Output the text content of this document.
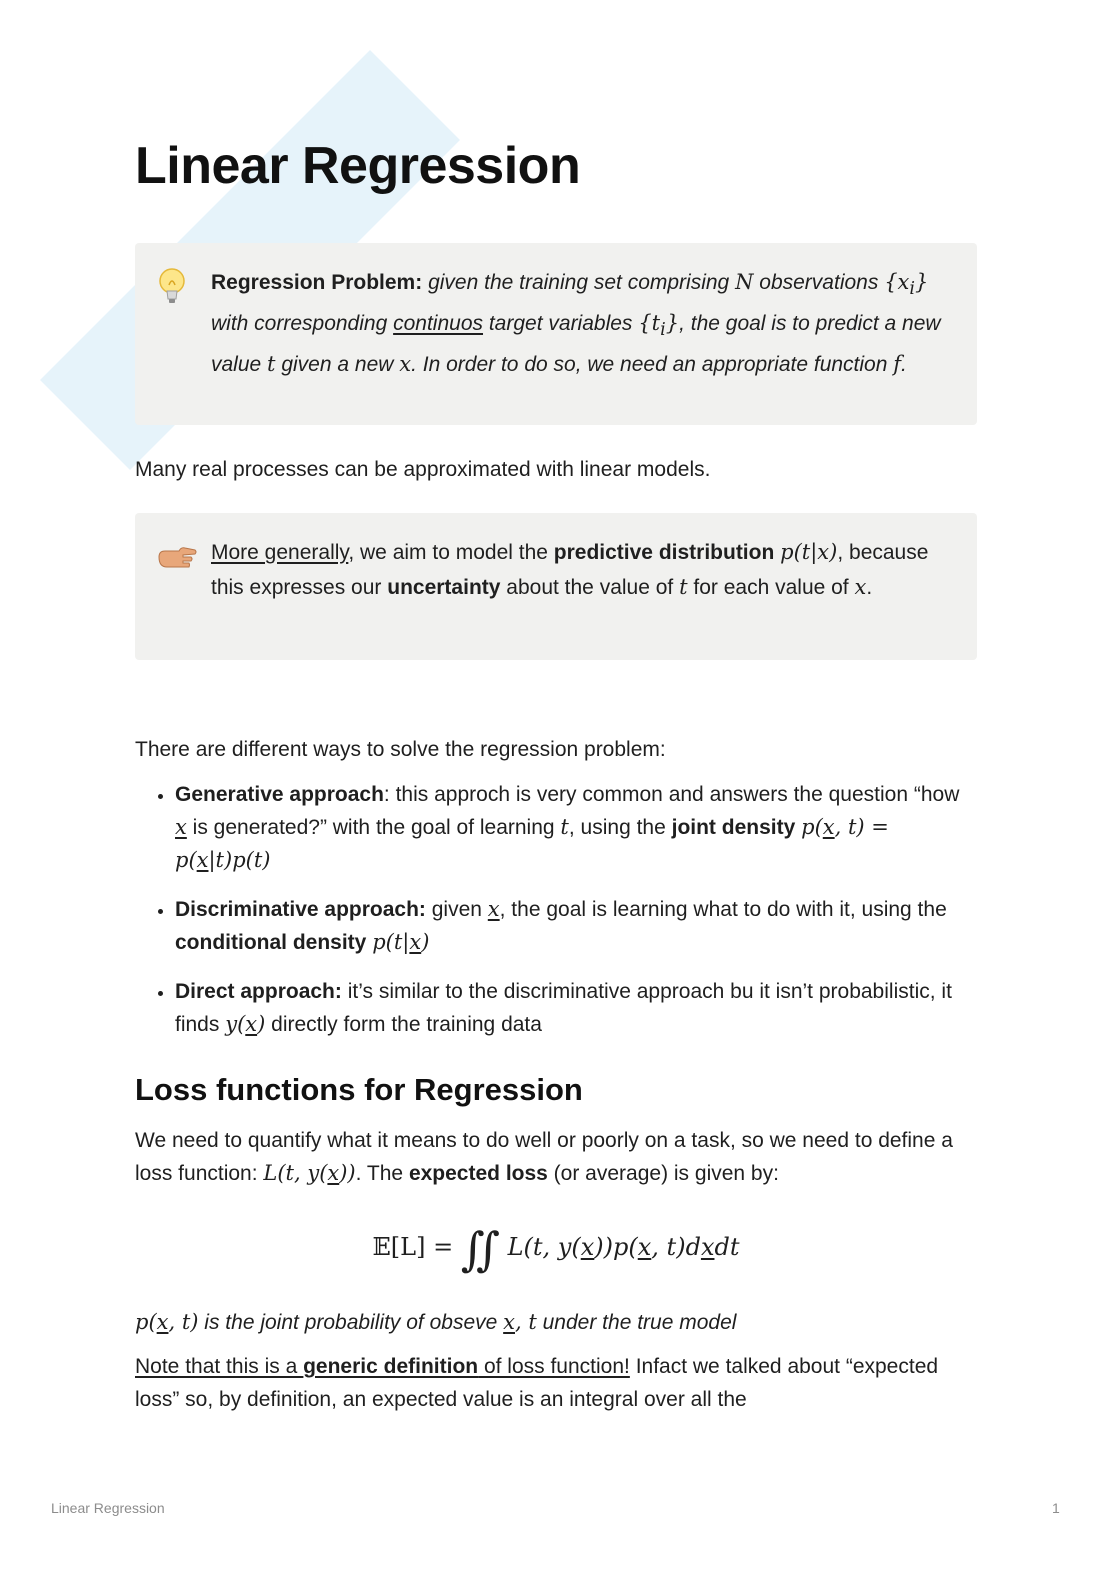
Linear Regression
Regression Problem: given the training set comprising N observations $\{x_i\}$ with corresponding continuos target variables $\{t_i\}$, the goal is to predict a new value t given a new x. In order to do so, we need an appropriate function f.
Many real processes can be approximated with linear models.
More generally, we aim to model the predictive distribution p(t|x), because this expresses our uncertainty about the value of t for each value of x.
There are different ways to solve the regression problem:
• Generative approach: this approch is very common and answers the question “how x is generated?” with the goal of learning t, using the joint density p(x, t) = p(x|t)p(t)
• Discriminative approach: given x, the goal is learning what to do with it, using the conditional density p(t|x)
• Direct approach: it’s similar to the discriminative approach bu it isn’t probabilistic, it finds y(x) directly form the training data
Loss functions for Regression
We need to quantify what it means to do well or poorly on a task, so we need to define a loss function: L(t, y(x)). The expected loss (or average) is given by:
𝔼[L] = ∬ L(t, y(x))p(x, t)dxdt
p(x, t) is the joint probability of obseve x, t under the true model
Note that this is a generic definition of loss function! Infact we talked about “expected loss” so, by definition, an expected value is an integral over all the
Linear Regression	1
